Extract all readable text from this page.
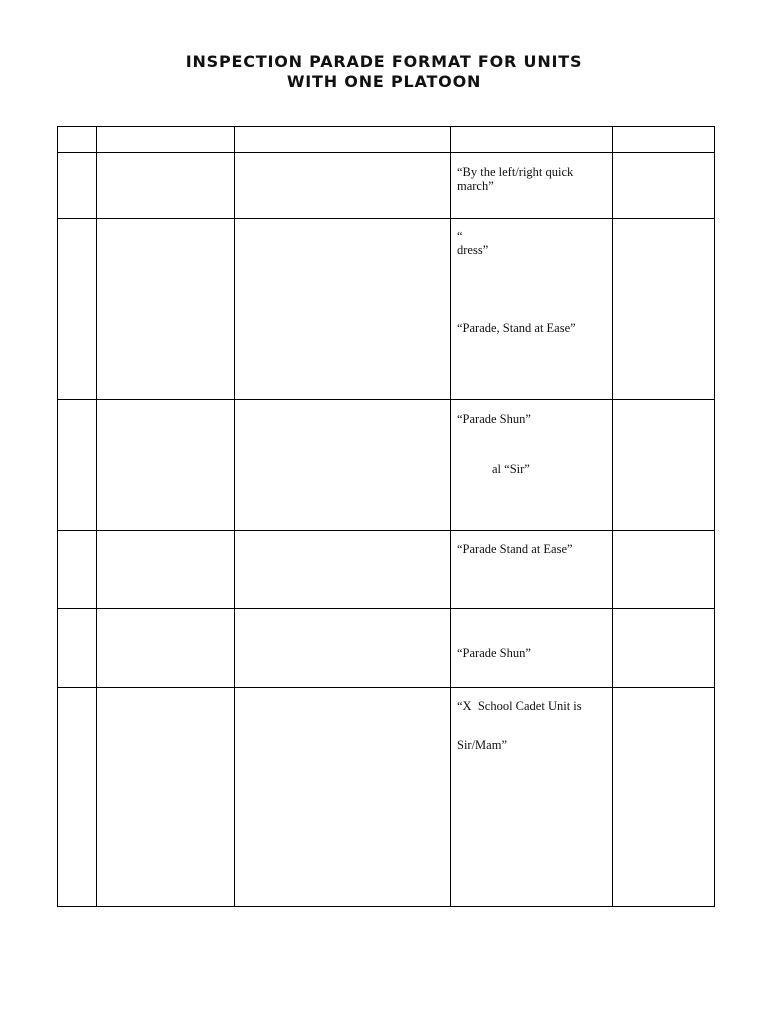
INSPECTION PARADE FORMAT FOR UNITS
WITH ONE PLATOON

			“By the left/right quick
march”	

			“
dress”
“Parade, Stand at Ease”	

			“Parade Shun”
al “Sir”	

			“Parade Stand at Ease”	

			“Parade Shun”	

			“X  School Cadet Unit is
Sir/Mam”	
